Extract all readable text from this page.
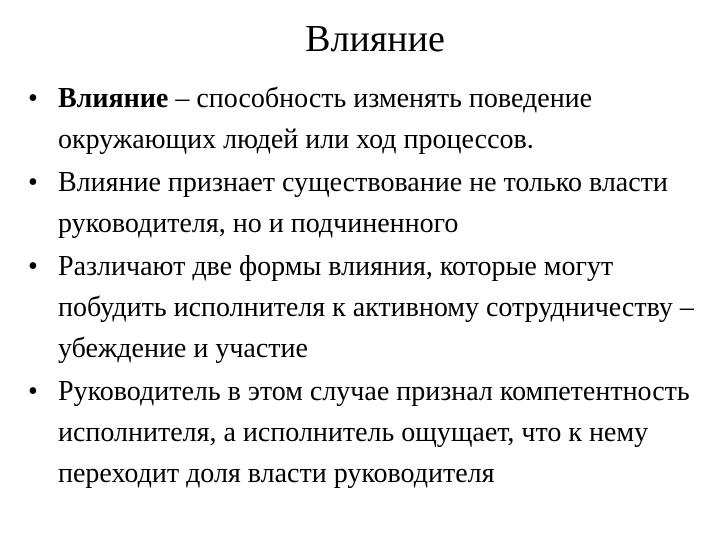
Влияние
• Влияние – способность изменять поведение окружающих людей или ход процессов.
• Влияние признает существование не только власти руководителя, но и подчиненного
• Различают две формы влияния, которые могут побудить исполнителя к активному сотрудничеству – убеждение и участие
• Руководитель в этом случае признал компетентность исполнителя, а исполнитель ощущает, что к нему переходит доля власти руководителя
